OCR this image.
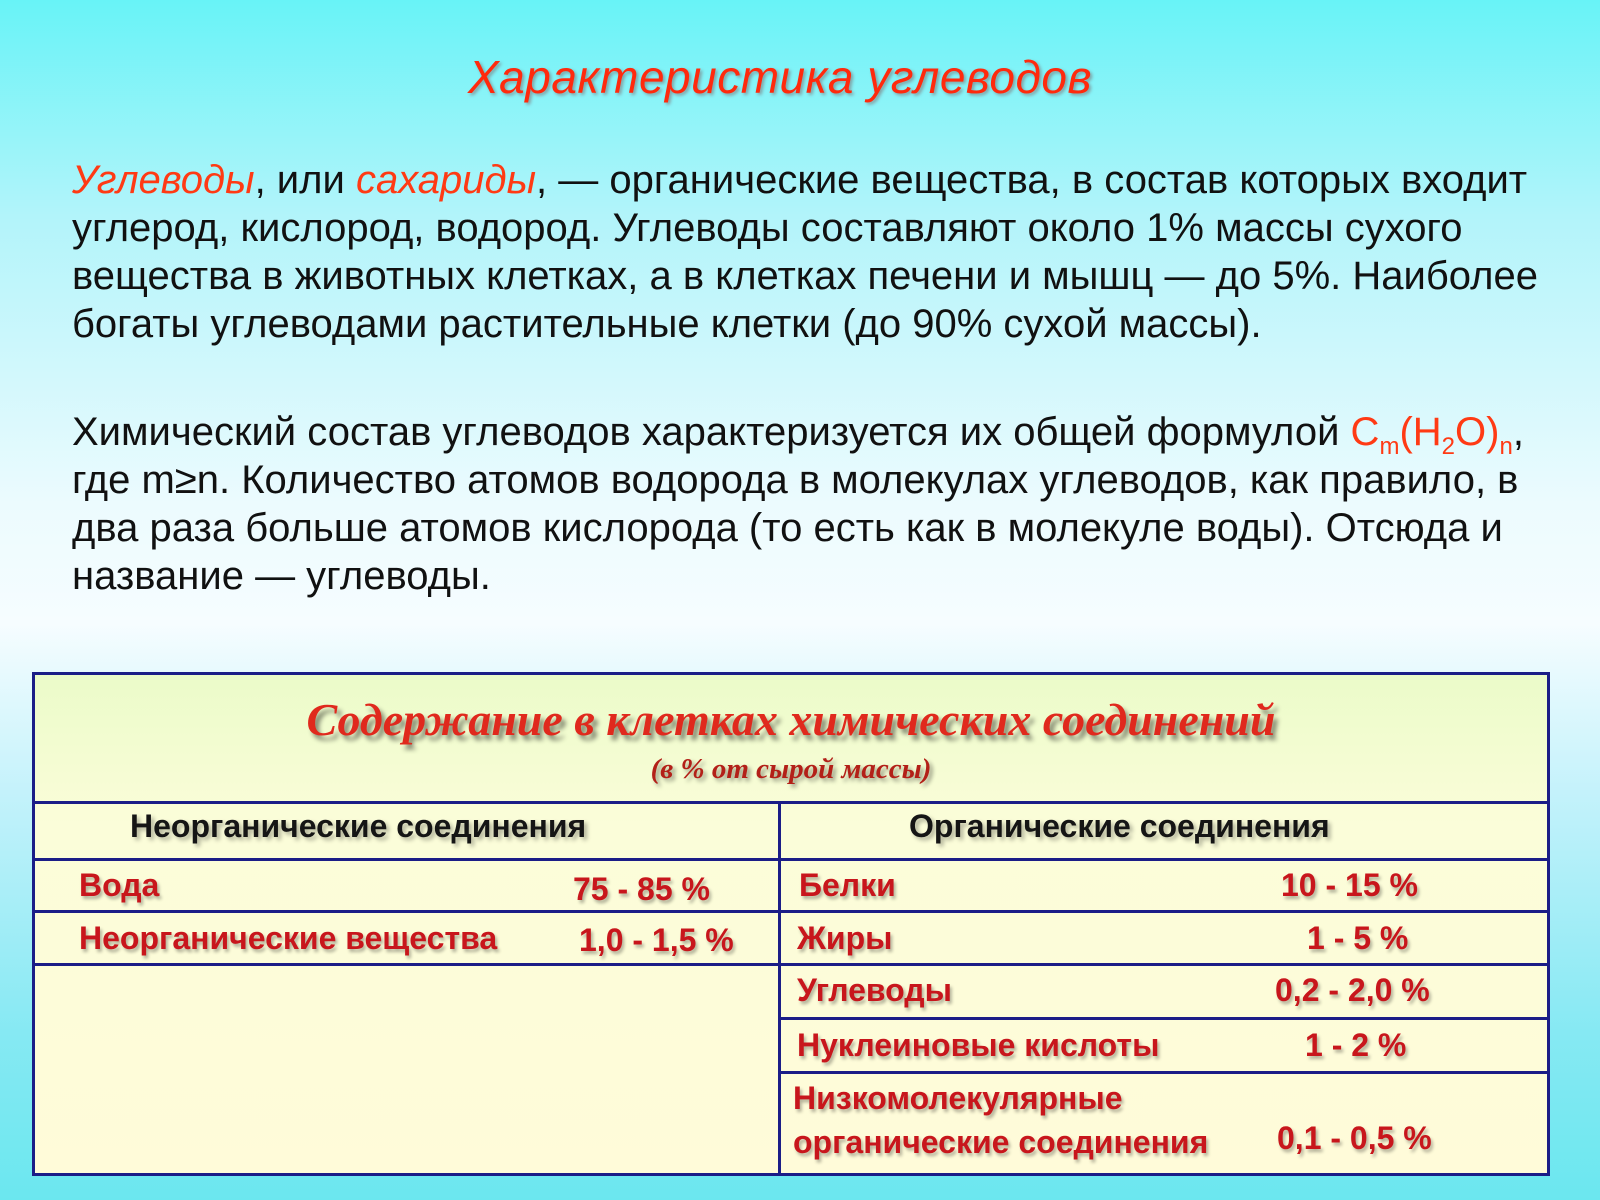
Характеристика углеводов
Углеводы, или сахариды, — органические вещества, в состав которых входит углерод, кислород, водород. Углеводы составляют около 1% массы сухого вещества в животных клетках, а в клетках печени и мышц — до 5%. Наиболее богаты углеводами растительные клетки (до 90% сухой массы).
Химический состав углеводов характеризуется их общей формулой $C_m(H_2O)_n$, где m≥n. Количество атомов водорода в молекулах углеводов, как правило, в два раза больше атомов кислорода (то есть как в молекуле воды). Отсюда и название — углеводы.
Содержание в клетках химических соединений
(в % от сырой массы)
Неорганические соединения	Органические соединения
Вода	75 - 85 %
Неорганические вещества	1,0 - 1,5 %
Белки	10 - 15 %
Жиры	1 - 5 %
Углеводы	0,2 - 2,0 %
Нуклеиновые кислоты	1 - 2 %
Низкомолекулярные органические соединения	0,1 - 0,5 %
